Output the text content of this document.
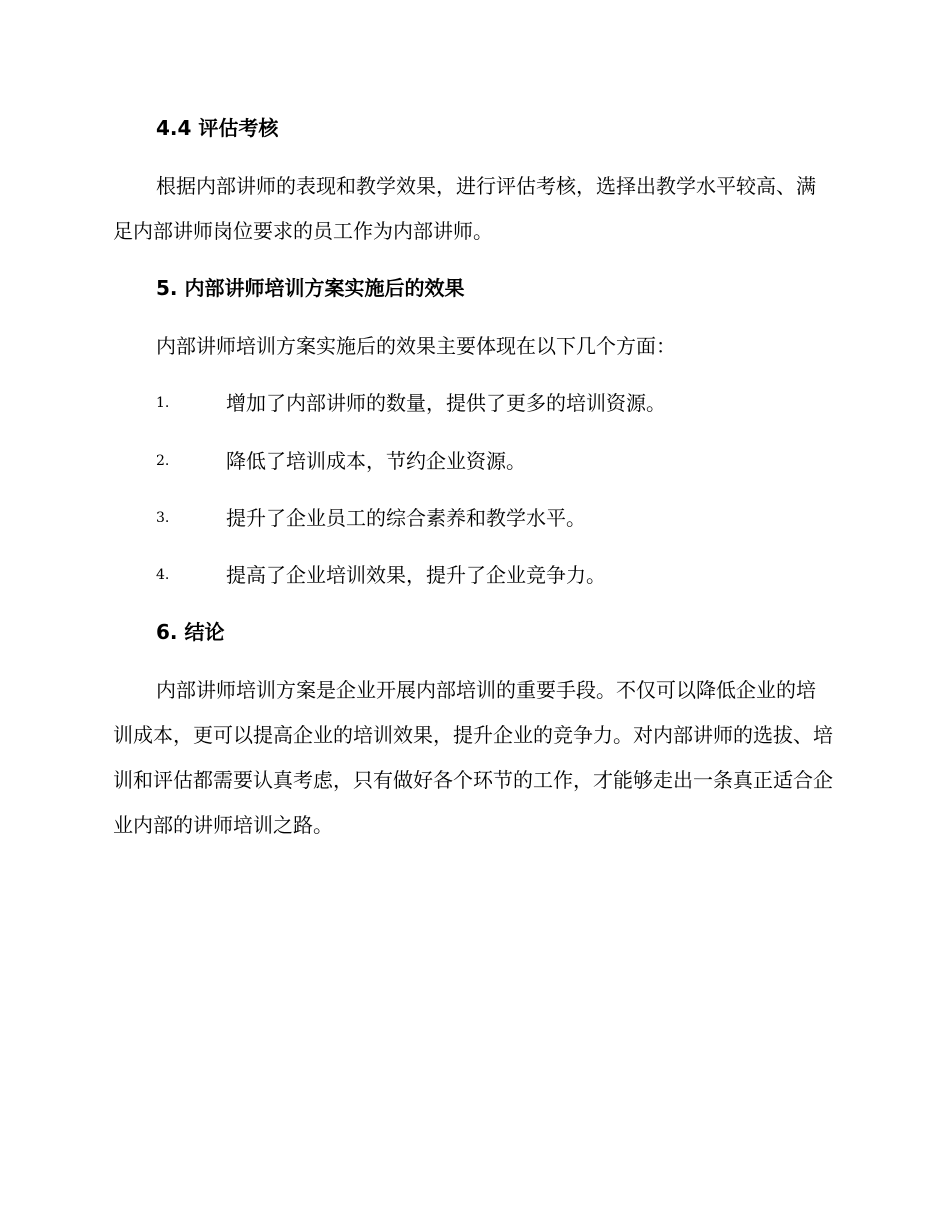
4.4 评估考核
根据内部讲师的表现和教学效果，进行评估考核，选择出教学水平较高、满足内部讲师岗位要求的员工作为内部讲师。
5. 内部讲师培训方案实施后的效果
内部讲师培训方案实施后的效果主要体现在以下几个方面：
1.	增加了内部讲师的数量，提供了更多的培训资源。
2.	降低了培训成本，节约企业资源。
3.	提升了企业员工的综合素养和教学水平。
4.	提高了企业培训效果，提升了企业竞争力。
6. 结论
内部讲师培训方案是企业开展内部培训的重要手段。不仅可以降低企业的培训成本，更可以提高企业的培训效果，提升企业的竞争力。对内部讲师的选拔、培训和评估都需要认真考虑，只有做好各个环节的工作，才能够走出一条真正适合企业内部的讲师培训之路。
